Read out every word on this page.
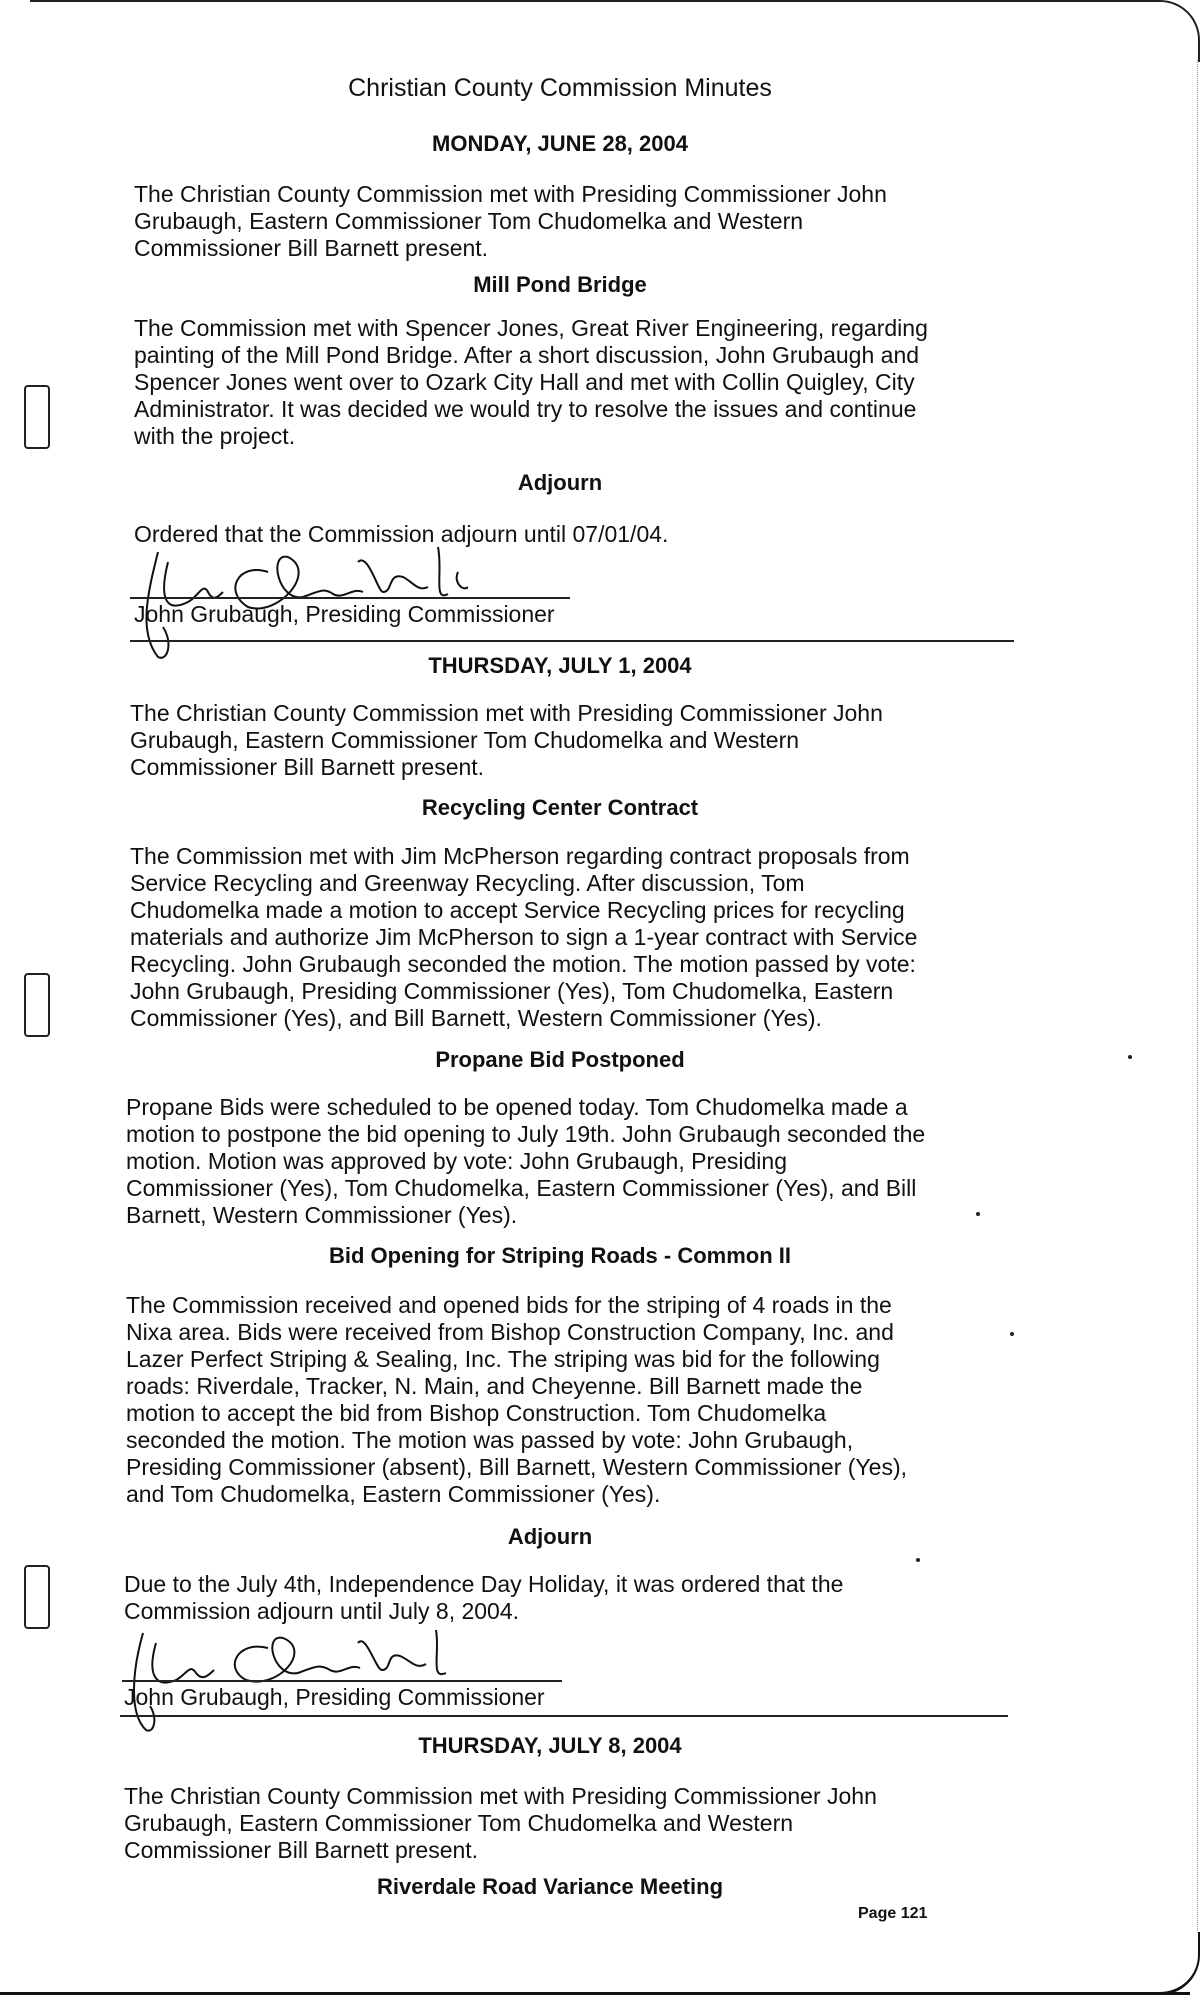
Christian County Commission Minutes
MONDAY, JUNE 28, 2004
The Christian County Commission met with Presiding Commissioner John
Grubaugh, Eastern Commissioner Tom Chudomelka and Western
Commissioner Bill Barnett present.
Mill Pond Bridge
The Commission met with Spencer Jones, Great River Engineering, regarding
painting of the Mill Pond Bridge. After a short discussion, John Grubaugh and
Spencer Jones went over to Ozark City Hall and met with Collin Quigley, City
Administrator. It was decided we would try to resolve the issues and continue
with the project.
Adjourn
Ordered that the Commission adjourn until 07/01/04.
John Grubaugh, Presiding Commissioner
THURSDAY, JULY 1, 2004
The Christian County Commission met with Presiding Commissioner John
Grubaugh, Eastern Commissioner Tom Chudomelka and Western
Commissioner Bill Barnett present.
Recycling Center Contract
The Commission met with Jim McPherson regarding contract proposals from
Service Recycling and Greenway Recycling. After discussion, Tom
Chudomelka made a motion to accept Service Recycling prices for recycling
materials and authorize Jim McPherson to sign a 1-year contract with Service
Recycling. John Grubaugh seconded the motion. The motion passed by vote:
John Grubaugh, Presiding Commissioner (Yes), Tom Chudomelka, Eastern
Commissioner (Yes), and Bill Barnett, Western Commissioner (Yes).
Propane Bid Postponed
Propane Bids were scheduled to be opened today. Tom Chudomelka made a
motion to postpone the bid opening to July 19th. John Grubaugh seconded the
motion. Motion was approved by vote: John Grubaugh, Presiding
Commissioner (Yes), Tom Chudomelka, Eastern Commissioner (Yes), and Bill
Barnett, Western Commissioner (Yes).
Bid Opening for Striping Roads - Common II
The Commission received and opened bids for the striping of 4 roads in the
Nixa area. Bids were received from Bishop Construction Company, Inc. and
Lazer Perfect Striping & Sealing, Inc. The striping was bid for the following
roads: Riverdale, Tracker, N. Main, and Cheyenne. Bill Barnett made the
motion to accept the bid from Bishop Construction. Tom Chudomelka
seconded the motion. The motion was passed by vote: John Grubaugh,
Presiding Commissioner (absent), Bill Barnett, Western Commissioner (Yes),
and Tom Chudomelka, Eastern Commissioner (Yes).
Adjourn
Due to the July 4th, Independence Day Holiday, it was ordered that the
Commission adjourn until July 8, 2004.
John Grubaugh, Presiding Commissioner
THURSDAY, JULY 8, 2004
The Christian County Commission met with Presiding Commissioner John
Grubaugh, Eastern Commissioner Tom Chudomelka and Western
Commissioner Bill Barnett present.
Riverdale Road Variance Meeting
Page 121
